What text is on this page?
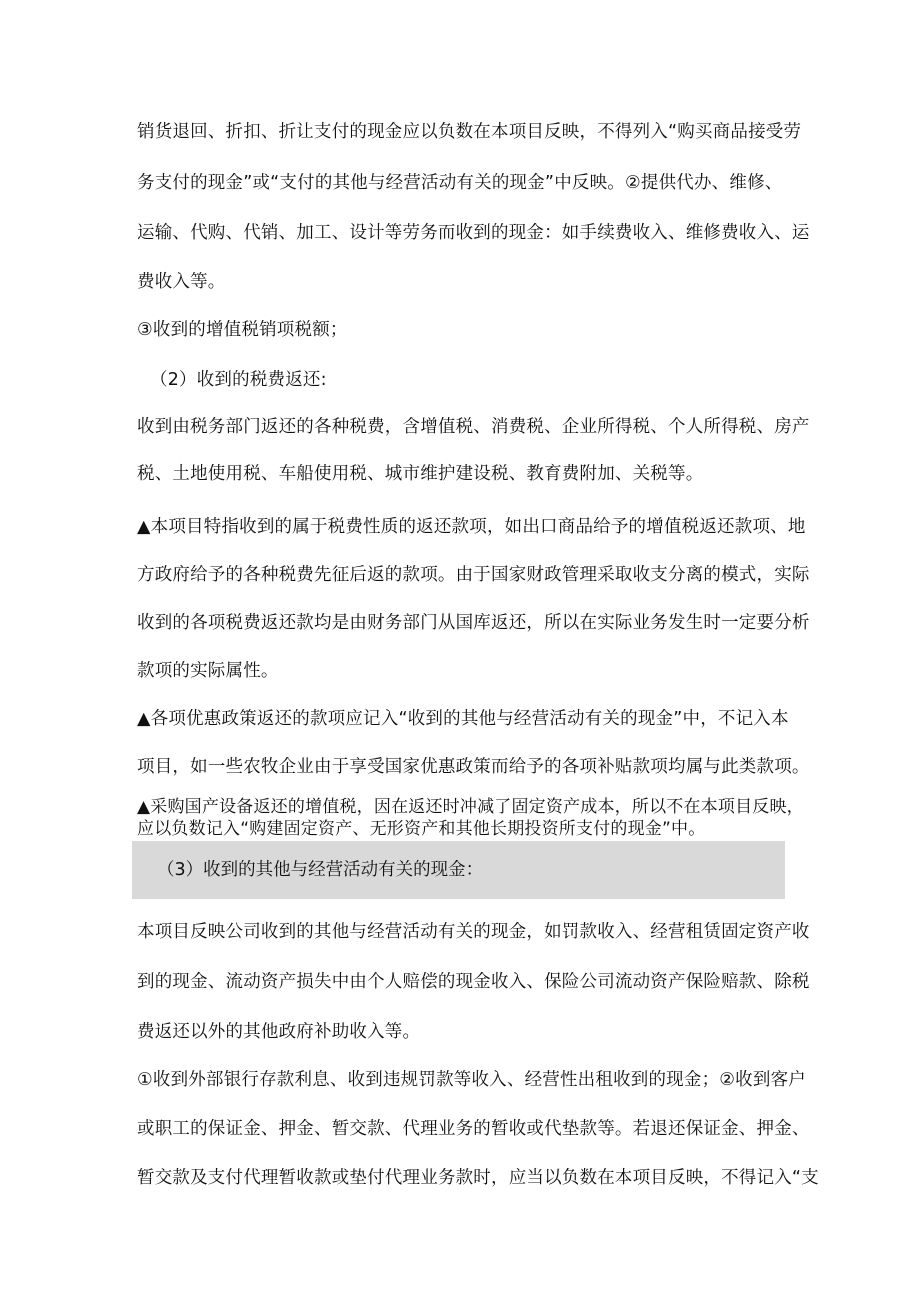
销货退回、折扣、折让支付的现金应以负数在本项目反映，不得列入“购买商品接受劳
务支付的现金”或“支付的其他与经营活动有关的现金”中反映。②提供代办、维修、
运输、代购、代销、加工、设计等劳务而收到的现金：如手续费收入、维修费收入、运
费收入等。
③收到的增值税销项税额；
（2）收到的税费返还:
收到由税务部门返还的各种税费，含增值税、消费税、企业所得税、个人所得税、房产
税、土地使用税、车船使用税、城市维护建设税、教育费附加、关税等。
▲本项目特指收到的属于税费性质的返还款项，如出口商品给予的增值税返还款项、地
方政府给予的各种税费先征后返的款项。由于国家财政管理采取收支分离的模式，实际
收到的各项税费返还款均是由财务部门从国库返还，所以在实际业务发生时一定要分析
款项的实际属性。
▲各项优惠政策返还的款项应记入“收到的其他与经营活动有关的现金”中，不记入本
项目，如一些农牧企业由于享受国家优惠政策而给予的各项补贴款项均属与此类款项。
▲采购国产设备返还的增值税，因在返还时冲减了固定资产成本，所以不在本项目反映，
应以负数记入“购建固定资产、无形资产和其他长期投资所支付的现金”中。
（3）收到的其他与经营活动有关的现金：
本项目反映公司收到的其他与经营活动有关的现金，如罚款收入、经营租赁固定资产收
到的现金、流动资产损失中由个人赔偿的现金收入、保险公司流动资产保险赔款、除税
费返还以外的其他政府补助收入等。
①收到外部银行存款利息、收到违规罚款等收入、经营性出租收到的现金；②收到客户
或职工的保证金、押金、暂交款、代理业务的暂收或代垫款等。若退还保证金、押金、
暂交款及支付代理暂收款或垫付代理业务款时，应当以负数在本项目反映，不得记入“支
